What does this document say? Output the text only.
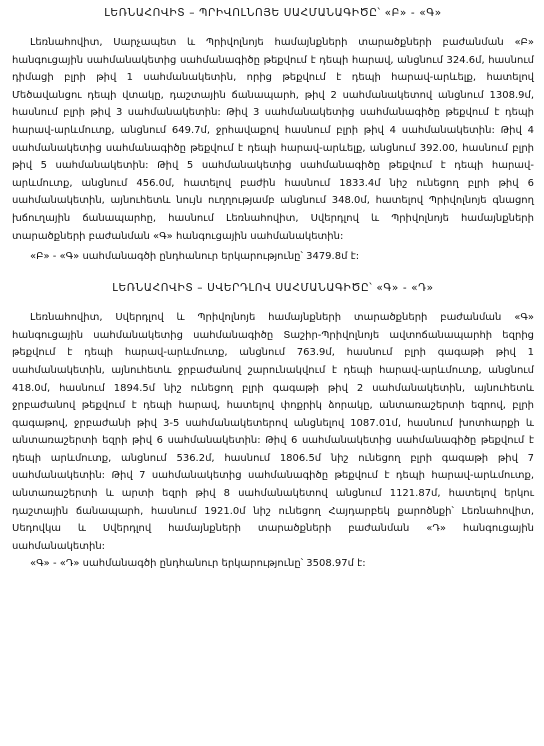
ԼԵՌՆԱՀՈՎԻՏ – ՊՐԻՎՈԼՆՈՅԵ ՍԱՀՄԱՆԱԳԻԾԸ՝ «Բ» - «Գ»

Լեռնահովիտ, Սարչապետ և Պրիվոլնոյե համայնքների տարածքների բաժանման «Բ» հանգուցային սահմանակետից սահմանագիծը թեքվում է դեպի հարավ, անցնում 324.6մ, հասնում դիմացի բլրի թիվ 1 սահմանակետին, որից թեքվում է դեպի հարավ-արևելք, հատելով Մեծավանցու դեպի վտակը, դաշտային ճանապարհ, թիվ 2 սահմանակետով անցնում 1308.9մ, հասնում բլրի թիվ 3 սահմանակետին: Թիվ 3 սահմանակետից սահմանագիծը թեքվում է դեպի հարավ-արևմուտք, անցնում 649.7մ, ջրհավաքով հասնում բլրի թիվ 4 սահմանակետին: Թիվ 4 սահմանակետից սահմանագիծը թեքվում է դեպի հարավ-արևելք, անցնում 392.00, հասնում բլրի թիվ 5 սահմանակետին: Թիվ 5 սահմանակետից սահմանագիծը թեքվում է դեպի հարավ-արևմուտք, անցնում 456.0մ, հատելով բաժին հասնում 1833.4մ նիշ ունեցող բլրի թիվ 6 սահմանակետին, այնուհետև նույն ուղղությամբ անցնում 348.0մ, հատելով Պրիվոլնոյե գնացող խճուղային ճանապարհը, հասնում Լեռնահովիտ, Սվերդլով և Պրիվոլնոյե համայնքների տարածքների բաժանման «Գ» հանգուցային սահմանակետին:

«Բ» - «Գ» սահմանագծի ընդհանուր երկարությունը՝ 3479.8մ է:

ԼԵՌՆԱՀՈՎԻՏ – ՍՎԵՐԴԼՈՎ ՍԱՀՄԱՆԱԳԻԾԸ՝ «Գ» - «Դ»

Լեռնահովիտ, Սվերդլով և Պրիվոլնոյե համայնքների տարածքների բաժանման «Գ» հանգուցային սահմանակետից սահմանագիծը Տաշիր-Պրիվոլնոյե ավտոճանապարհի եզրից թեքվում է դեպի հարավ-արևմուտք, անցնում 763.9մ, հասնում բլրի գագաթի թիվ 1 սահմանակետին, այնուհետև ջրբաժանով շարունակվում է դեպի հարավ-արևմուտք, անցնում 418.0մ, հասնում 1894.5մ նիշ ունեցող բլրի գագաթի թիվ 2 սահմանակետին, այնուհետև ջրբաժանով թեքվում է դեպի հարավ, հատելով փոքրիկ ձորակը, անտառաշերտի եզրով, բլրի գագաթով, ջրբաժանի թիվ 3-5 սահմանակետերով անցնելով 1087.01մ, հասնում խոտհարքի և անտառաշերտի եզրի թիվ 6 սահմանակետին: Թիվ 6 սահմանակետից սահմանագիծը թեքվում է դեպի արևմուտք, անցնում 536.2մ, հասնում 1806.5մ նիշ ունեցող բլրի գագաթի թիվ 7 սահմանակետին: Թիվ 7 սահմանակետից սահմանագիծը թեքվում է դեպի հարավ-արևմուտք, անտառաշերտի և արտի եզրի թիվ 8 սահմանակետով անցնում 1121.87մ, հատելով երկու դաշտային ճանապարհ, հասնում 1921.0մ նիշ ունեցող Հայդարբեկ քարոծնքի՝ Լեռնահովիտ, Սեդովկա և Սվերդլով համայնքների տարածքների բաժանման «Դ» հանգուցային սահմանակետին:

«Գ» - «Դ» սահմանագծի ընդհանուր երկարությունը՝ 3508.97մ է:
